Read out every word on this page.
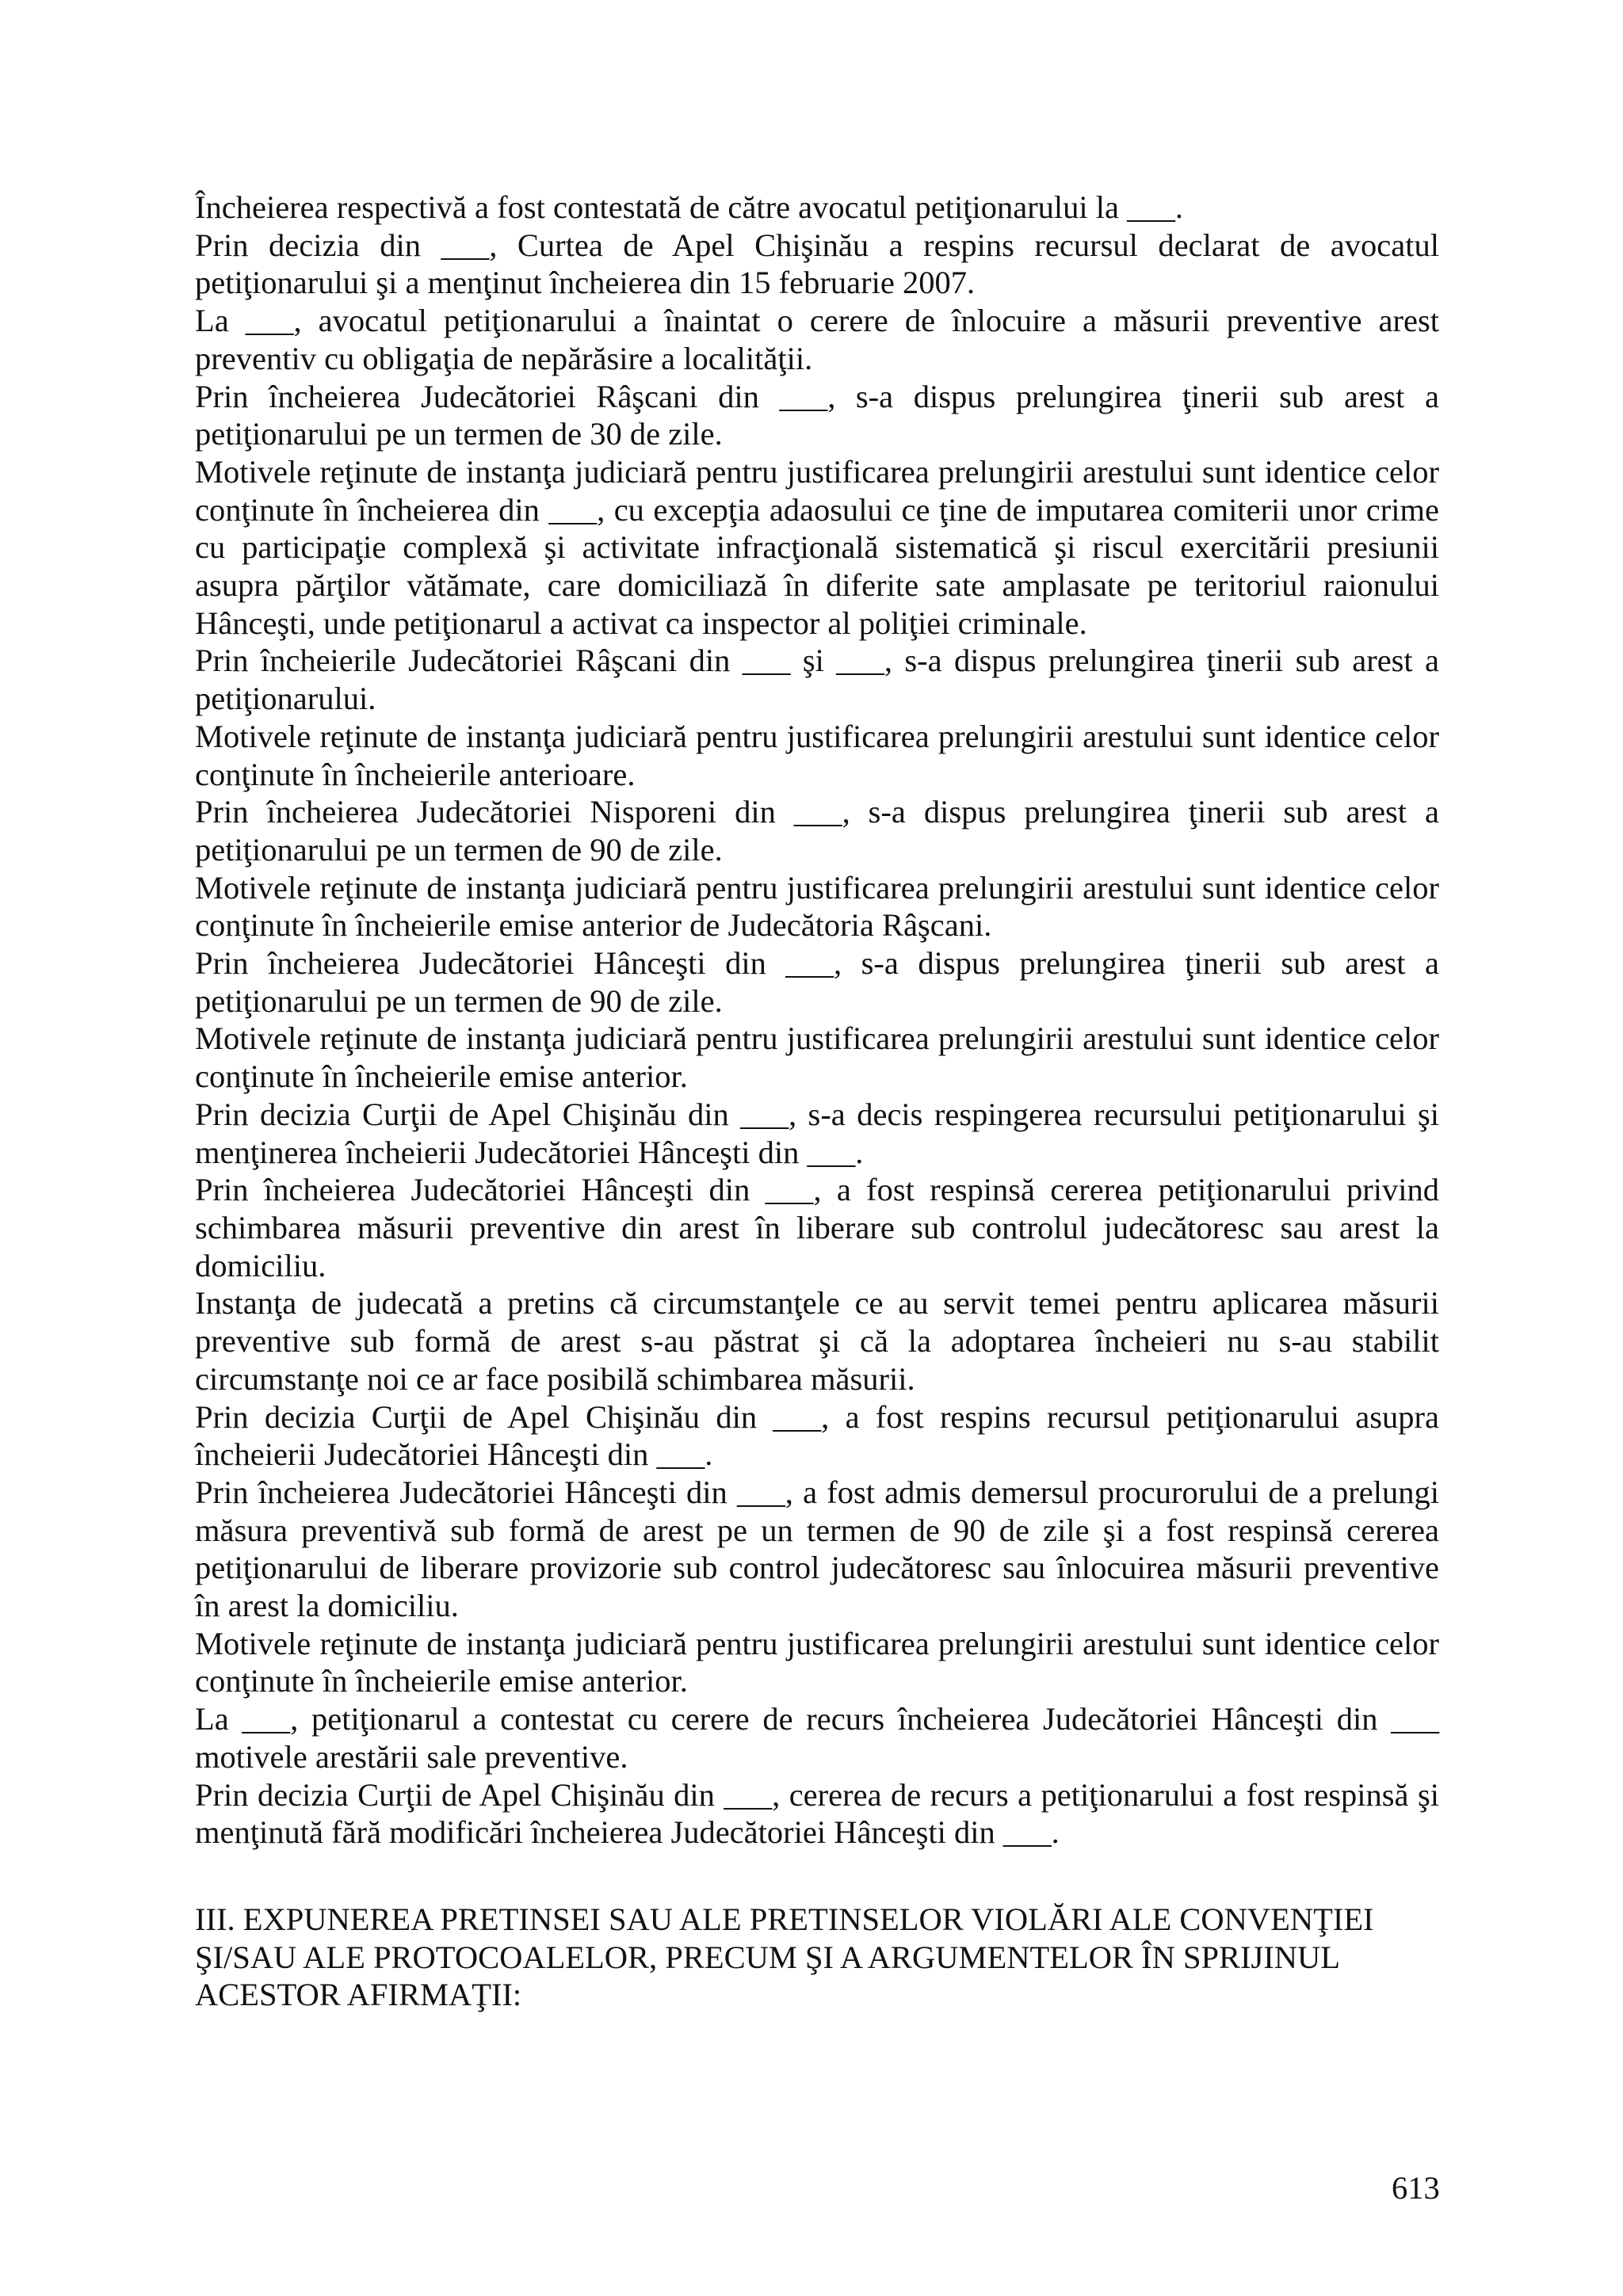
Încheierea respectivă a fost contestată de către avocatul petiţionarului la ___.

Prin decizia din ___, Curtea de Apel Chişinău a respins recursul declarat de avocatul petiţionarului şi a menţinut încheierea din 15 februarie 2007.

La ___, avocatul petiţionarului a înaintat o cerere de înlocuire a măsurii preventive arest preventiv cu obligaţia de nepărăsire a localităţii.

Prin încheierea Judecătoriei Râşcani din ___, s-a dispus prelungirea ţinerii sub arest a petiţionarului pe un termen de 30 de zile.

Motivele reţinute de instanţa judiciară pentru justificarea prelungirii arestului sunt identice celor conţinute în încheierea din ___, cu excepţia adaosului ce ţine de imputarea comiterii unor crime cu participaţie complexă şi activitate infracţională sistematică şi riscul exercitării presiunii asupra părţilor vătămate, care domiciliază în diferite sate amplasate pe teritoriul raionului Hânceşti, unde petiţionarul a activat ca inspector al poliţiei criminale.

Prin încheierile Judecătoriei Râşcani din ___ şi ___, s-a dispus prelungirea ţinerii sub arest a petiţionarului.

Motivele reţinute de instanţa judiciară pentru justificarea prelungirii arestului sunt identice celor conţinute în încheierile anterioare.

Prin încheierea Judecătoriei Nisporeni din ___, s-a dispus prelungirea ţinerii sub arest a petiţionarului pe un termen de 90 de zile.

Motivele reţinute de instanţa judiciară pentru justificarea prelungirii arestului sunt identice celor conţinute în încheierile emise anterior de Judecătoria Râşcani.

Prin încheierea Judecătoriei Hânceşti din ___, s-a dispus prelungirea ţinerii sub arest a petiţionarului pe un termen de 90 de zile.

Motivele reţinute de instanţa judiciară pentru justificarea prelungirii arestului sunt identice celor conţinute în încheierile emise anterior.

Prin decizia Curţii de Apel Chişinău din ___, s-a decis respingerea recursului petiţionarului şi menţinerea încheierii Judecătoriei Hânceşti din ___.

Prin încheierea Judecătoriei Hânceşti din ___, a fost respinsă cererea petiţionarului privind schimbarea măsurii preventive din arest în liberare sub controlul judecătoresc sau arest la domiciliu.

Instanţa de judecată a pretins că circumstanţele ce au servit temei pentru aplicarea măsurii preventive sub formă de arest s-au păstrat şi că la adoptarea încheieri nu s-au stabilit circumstanţe noi ce ar face posibilă schimbarea măsurii.

Prin decizia Curţii de Apel Chişinău din ___, a fost respins recursul petiţionarului asupra încheierii Judecătoriei Hânceşti din ___.

Prin încheierea Judecătoriei Hânceşti din ___, a fost admis demersul procurorului de a prelungi măsura preventivă sub formă de arest pe un termen de 90 de zile şi a fost respinsă cererea petiţionarului de liberare provizorie sub control judecătoresc sau înlocuirea măsurii preventive în arest la domiciliu.

Motivele reţinute de instanţa judiciară pentru justificarea prelungirii arestului sunt identice celor conţinute în încheierile emise anterior.

La ___, petiţionarul a contestat cu cerere de recurs încheierea Judecătoriei Hânceşti din ___ motivele arestării sale preventive.

Prin decizia Curţii de Apel Chişinău din ___, cererea de recurs a petiţionarului a fost respinsă şi menţinută fără modificări încheierea Judecătoriei Hânceşti din ___.

III. EXPUNEREA PRETINSEI SAU ALE PRETINSELOR VIOLĂRI ALE CONVENŢIEI ŞI/SAU ALE PROTOCOALELOR, PRECUM ŞI A ARGUMENTELOR ÎN SPRIJINUL ACESTOR AFIRMAŢII:
613
